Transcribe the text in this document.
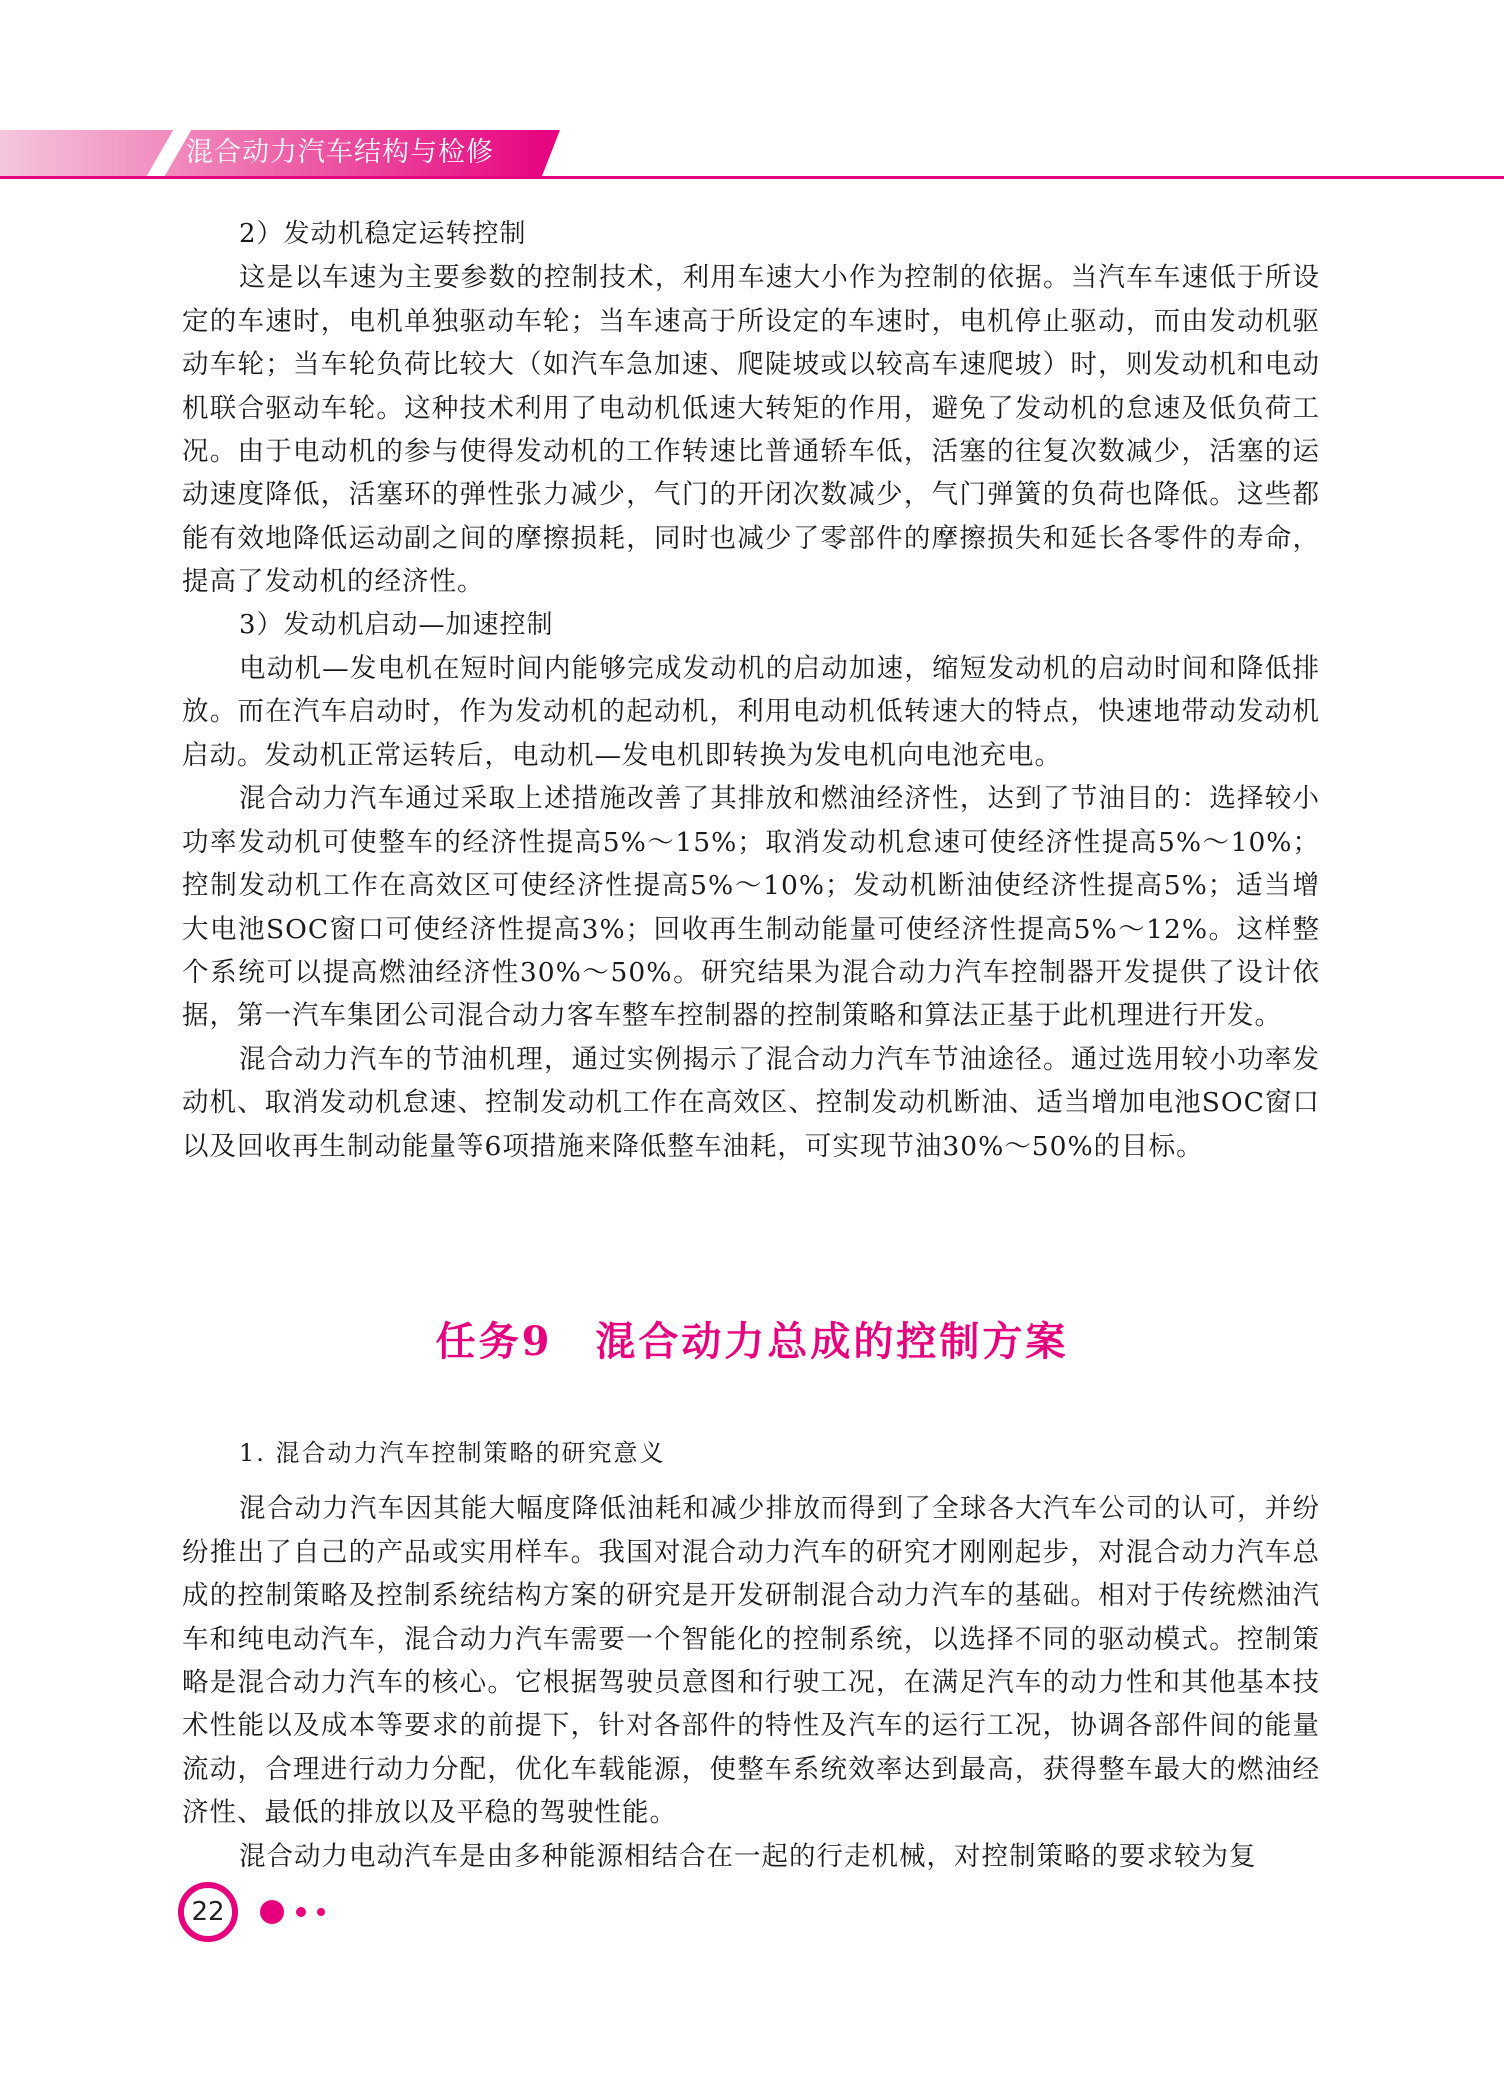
混合动力汽车结构与检修

2）发动机稳定运转控制

这是以车速为主要参数的控制技术，利用车速大小作为控制的依据。当汽车车速低于所设定的车速时，电机单独驱动车轮；当车速高于所设定的车速时，电机停止驱动，而由发动机驱动车轮；当车轮负荷比较大（如汽车急加速、爬陡坡或以较高车速爬坡）时，则发动机和电动机联合驱动车轮。这种技术利用了电动机低速大转矩的作用，避免了发动机的怠速及低负荷工况。由于电动机的参与使得发动机的工作转速比普通轿车低，活塞的往复次数减少，活塞的运动速度降低，活塞环的弹性张力减少，气门的开闭次数减少，气门弹簧的负荷也降低。这些都能有效地降低运动副之间的摩擦损耗，同时也减少了零部件的摩擦损失和延长各零件的寿命，提高了发动机的经济性。

3）发动机启动—加速控制

电动机—发电机在短时间内能够完成发动机的启动加速，缩短发动机的启动时间和降低排放。而在汽车启动时，作为发动机的起动机，利用电动机低转速大的特点，快速地带动发动机启动。发动机正常运转后，电动机—发电机即转换为发电机向电池充电。

混合动力汽车通过采取上述措施改善了其排放和燃油经济性，达到了节油目的：选择较小功率发动机可使整车的经济性提高5%～15%；取消发动机怠速可使经济性提高5%～10%；控制发动机工作在高效区可使经济性提高5%～10%；发动机断油使经济性提高5%；适当增大电池SOC窗口可使经济性提高3%；回收再生制动能量可使经济性提高5%～12%。这样整个系统可以提高燃油经济性30%～50%。研究结果为混合动力汽车控制器开发提供了设计依据，第一汽车集团公司混合动力客车整车控制器的控制策略和算法正基于此机理进行开发。

混合动力汽车的节油机理，通过实例揭示了混合动力汽车节油途径。通过选用较小功率发动机、取消发动机怠速、控制发动机工作在高效区、控制发动机断油、适当增加电池SOC窗口以及回收再生制动能量等6项措施来降低整车油耗，可实现节油30%～50%的目标。

任务9　混合动力总成的控制方案

1. 混合动力汽车控制策略的研究意义

混合动力汽车因其能大幅度降低油耗和减少排放而得到了全球各大汽车公司的认可，并纷纷推出了自己的产品或实用样车。我国对混合动力汽车的研究才刚刚起步，对混合动力汽车总成的控制策略及控制系统结构方案的研究是开发研制混合动力汽车的基础。相对于传统燃油汽车和纯电动汽车，混合动力汽车需要一个智能化的控制系统，以选择不同的驱动模式。控制策略是混合动力汽车的核心。它根据驾驶员意图和行驶工况，在满足汽车的动力性和其他基本技术性能以及成本等要求的前提下，针对各部件的特性及汽车的运行工况，协调各部件间的能量流动，合理进行动力分配，优化车载能源，使整车系统效率达到最高，获得整车最大的燃油经济性、最低的排放以及平稳的驾驶性能。

混合动力电动汽车是由多种能源相结合在一起的行走机械，对控制策略的要求较为复

22
